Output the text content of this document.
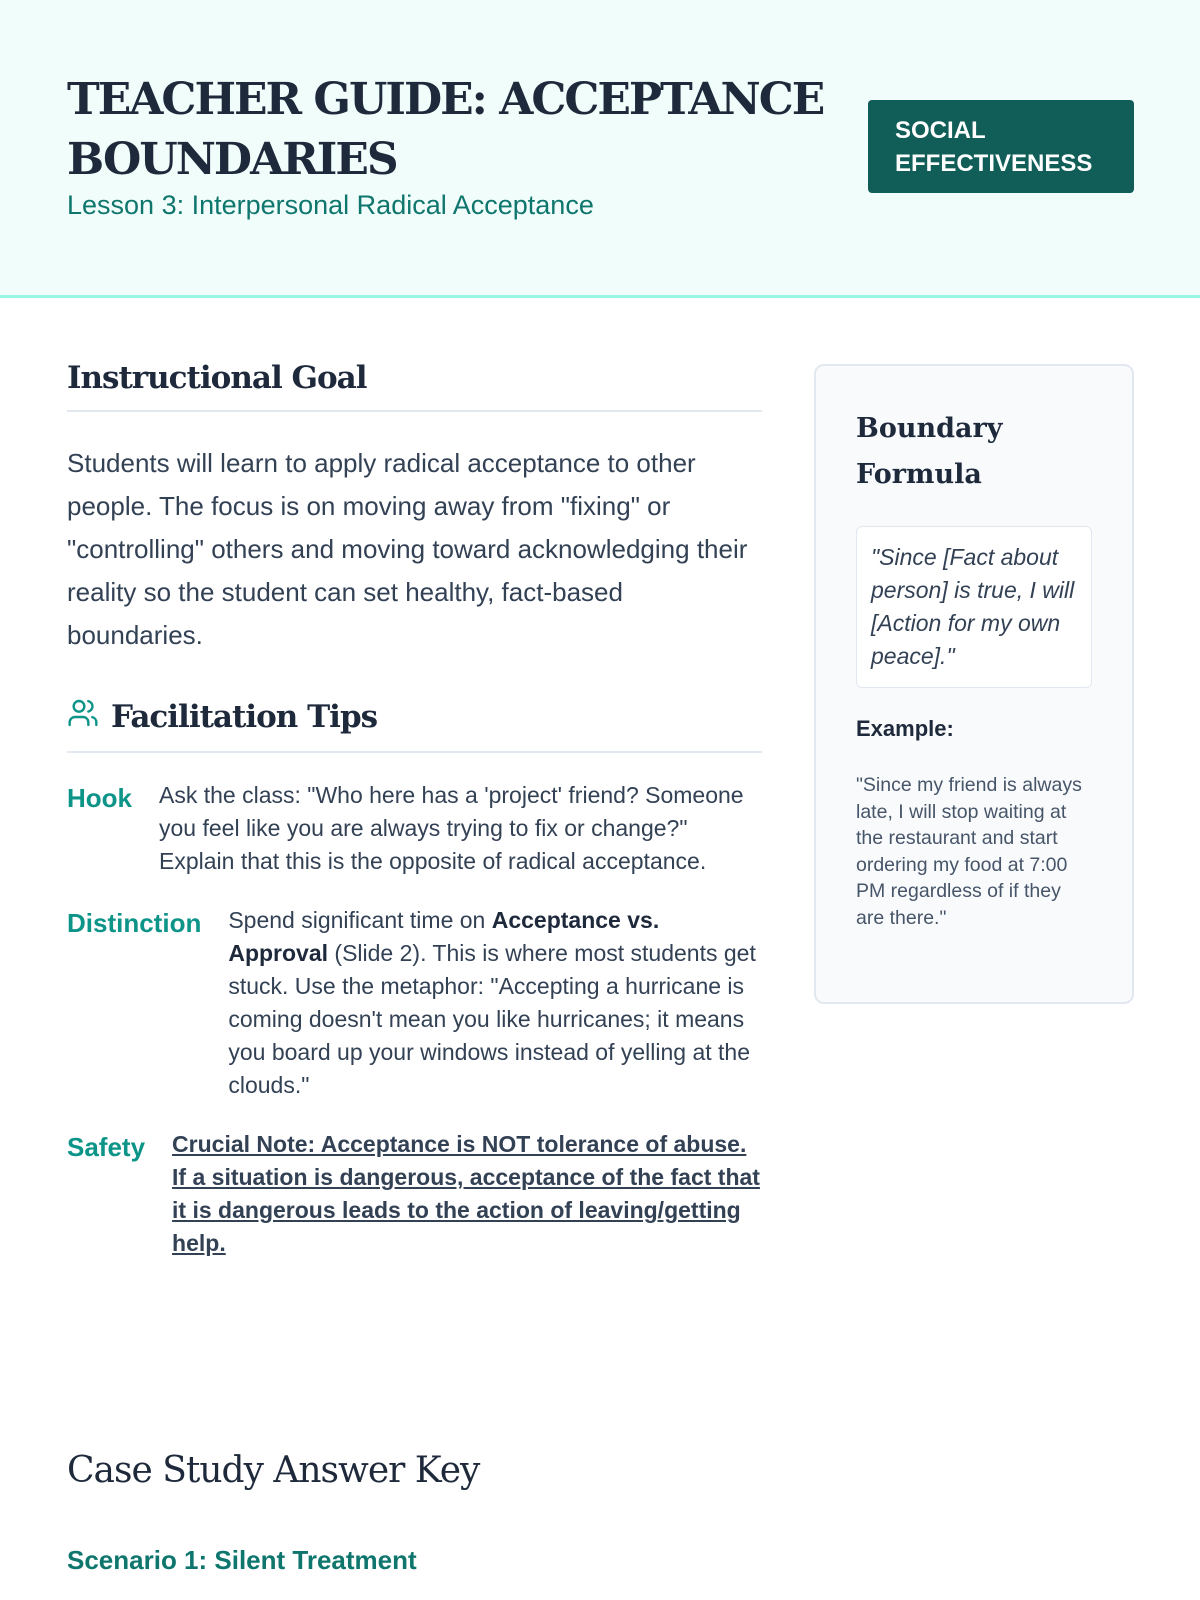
TEACHER GUIDE: ACCEPTANCE BOUNDARIES
Lesson 3: Interpersonal Radical Acceptance
SOCIAL EFFECTIVENESS
Instructional Goal

Students will learn to apply radical acceptance to other people. The focus is on moving away from "fixing" or "controlling" others and moving toward acknowledging their reality so the student can set healthy, fact-based boundaries.

Facilitation Tips
Hook Ask the class: "Who here has a 'project' friend? Someone you feel like you are always trying to fix or change?" Explain that this is the opposite of radical acceptance.
Distinction Spend significant time on Acceptance vs. Approval (Slide 2). This is where most students get stuck. Use the metaphor: "Accepting a hurricane is coming doesn't mean you like hurricanes; it means you board up your windows instead of yelling at the clouds."
Safety Crucial Note: Acceptance is NOT tolerance of abuse. If a situation is dangerous, acceptance of the fact that it is dangerous leads to the action of leaving/getting help.
Boundary Formula
"Since [Fact about person] is true, I will [Action for my own peace]."
Example:
"Since my friend is always late, I will stop waiting at the restaurant and start ordering my food at 7:00 PM regardless of if they are there."
Case Study Answer Key
Scenario 1: Silent Treatment
